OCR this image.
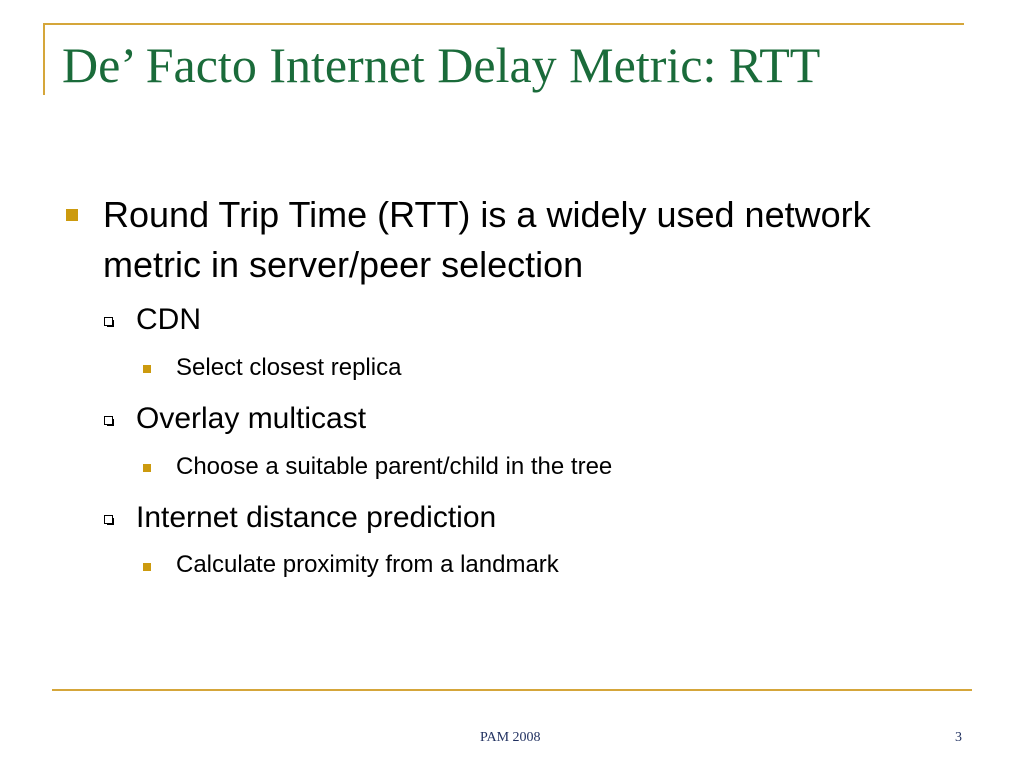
De’ Facto Internet Delay Metric: RTT
Round Trip Time (RTT) is a widely used network metric in server/peer selection
CDN
Select closest replica
Overlay multicast
Choose a suitable parent/child in the tree
Internet distance prediction
Calculate proximity from a landmark
PAM 2008	3
